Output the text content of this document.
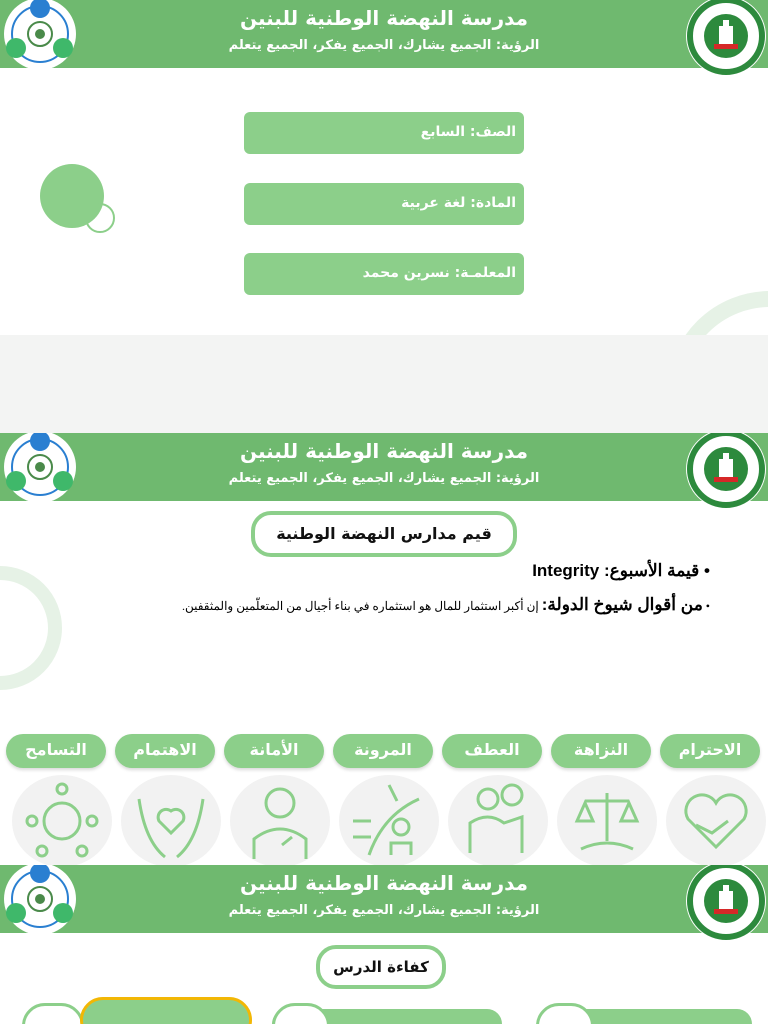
مدرسة النهضة الوطنية للبنين
الرؤية: الجميع يشارك، الجميع يفكر، الجميع يتعلم
الصف: السابع
المادة: لغة عربية
المعلمـة: نسرين محمد
مدرسة النهضة الوطنية للبنين
الرؤية: الجميع يشارك، الجميع يفكر، الجميع يتعلم
قيم مدارس النهضة الوطنية
• قيمة الأسبوع: Integrity
• من أقوال شيوخ الدولة: إن أكبر استثمار للمال هو استثماره في بناء أجيال من المتعلّمين والمثقفين.
الاحترام
النزاهة
العطف
المرونة
الأمانة
الاهتمام
التسامح
مدرسة النهضة الوطنية للبنين
الرؤية: الجميع يشارك، الجميع يفكر، الجميع يتعلم
كفاءة الدرس
